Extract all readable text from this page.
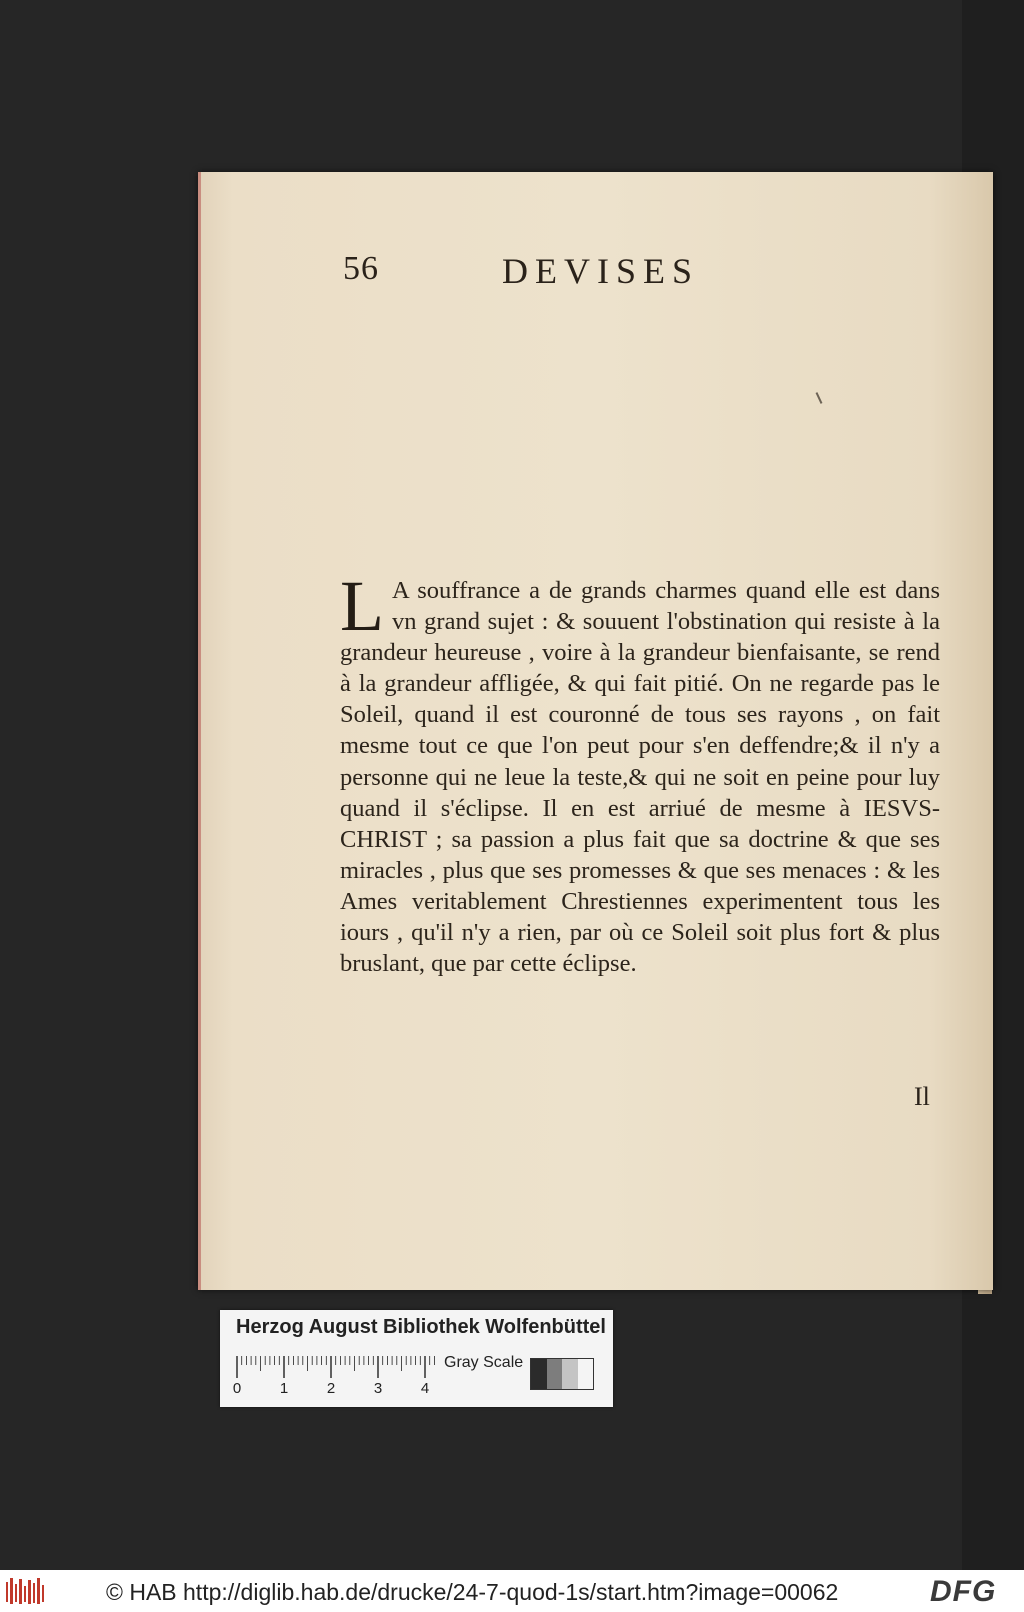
56	DEVISES
L A souffrance a de grands charmes quand elle est dans vn grand sujet : & souuent l'obstination qui resiste à la grandeur heureuse , voire à la grandeur bienfaisante, se rend à la grandeur affligée, & qui fait pitié. On ne regarde pas le Soleil, quand il est couronné de tous ses rayons , on fait mesme tout ce que l'on peut pour s'en deffendre;& il n'y a personne qui ne leue la teste,& qui ne soit en peine pour luy quand il s'éclipse. Il en est arriué de mesme à IESVS-CHRIST ; sa passion a plus fait que sa doctrine & que ses miracles , plus que ses promesses & que ses menaces : & les Ames veritablement Chrestiennes experimentent tous les iours , qu'il n'y a rien, par où ce Soleil soit plus fort & plus bruslant, que par cette éclipse.
Il
Herzog August Bibliothek Wolfenbüttel
0	1	2	3	4
Gray Scale
© HAB http://diglib.hab.de/drucke/24-7-quod-1s/start.htm?image=00062	DFG
